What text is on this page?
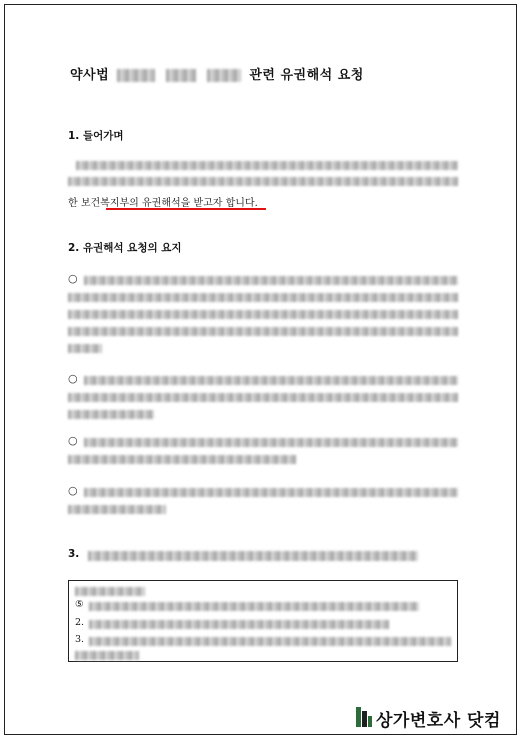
약사법	관련 유권해석 요청
1. 들어가며
한 보건복지부의 유권해석을 받고자 합니다.
2. 유권해석 요청의 요지
○
○
○
○
3.
⑤
2.
3.
상가변호사 닷컴
